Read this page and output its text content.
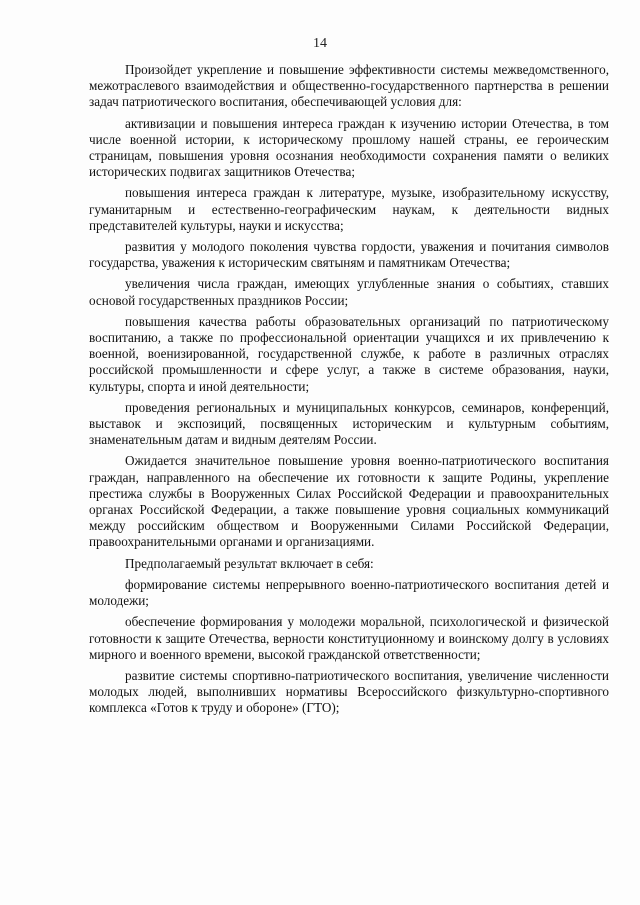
14

Произойдет укрепление и повышение эффективности системы межведомственного, межотраслевого взаимодействия и общественно-государственного партнерства в решении задач патриотического воспитания, обеспечивающей условия для:

активизации и повышения интереса граждан к изучению истории Отечества, в том числе военной истории, к историческому прошлому нашей страны, ее героическим страницам, повышения уровня осознания необходимости сохранения памяти о великих исторических подвигах защитников Отечества;

повышения интереса граждан к литературе, музыке, изобразительному искусству, гуманитарным и естественно-географическим наукам, к деятельности видных представителей культуры, науки и искусства;

развития у молодого поколения чувства гордости, уважения и почитания символов государства, уважения к историческим святыням и памятникам Отечества;

увеличения числа граждан, имеющих углубленные знания о событиях, ставших основой государственных праздников России;

повышения качества работы образовательных организаций по патриотическому воспитанию, а также по профессиональной ориентации учащихся и их привлечению к военной, военизированной, государственной службе, к работе в различных отраслях российской промышленности и сфере услуг, а также в системе образования, науки, культуры, спорта и иной деятельности;

проведения региональных и муниципальных конкурсов, семинаров, конференций, выставок и экспозиций, посвященных историческим и культурным событиям, знаменательным датам и видным деятелям России.

Ожидается значительное повышение уровня военно-патриотического воспитания граждан, направленного на обеспечение их готовности к защите Родины, укрепление престижа службы в Вооруженных Силах Российской Федерации и правоохранительных органах Российской Федерации, а также повышение уровня социальных коммуникаций между российским обществом и Вооруженными Силами Российской Федерации, правоохранительными органами и организациями.

Предполагаемый результат включает в себя:

формирование системы непрерывного военно-патриотического воспитания детей и молодежи;

обеспечение формирования у молодежи моральной, психологической и физической готовности к защите Отечества, верности конституционному и воинскому долгу в условиях мирного и военного времени, высокой гражданской ответственности;

развитие системы спортивно-патриотического воспитания, увеличение численности молодых людей, выполнивших нормативы Всероссийского физкультурно-спортивного комплекса «Готов к труду и обороне» (ГТО);
